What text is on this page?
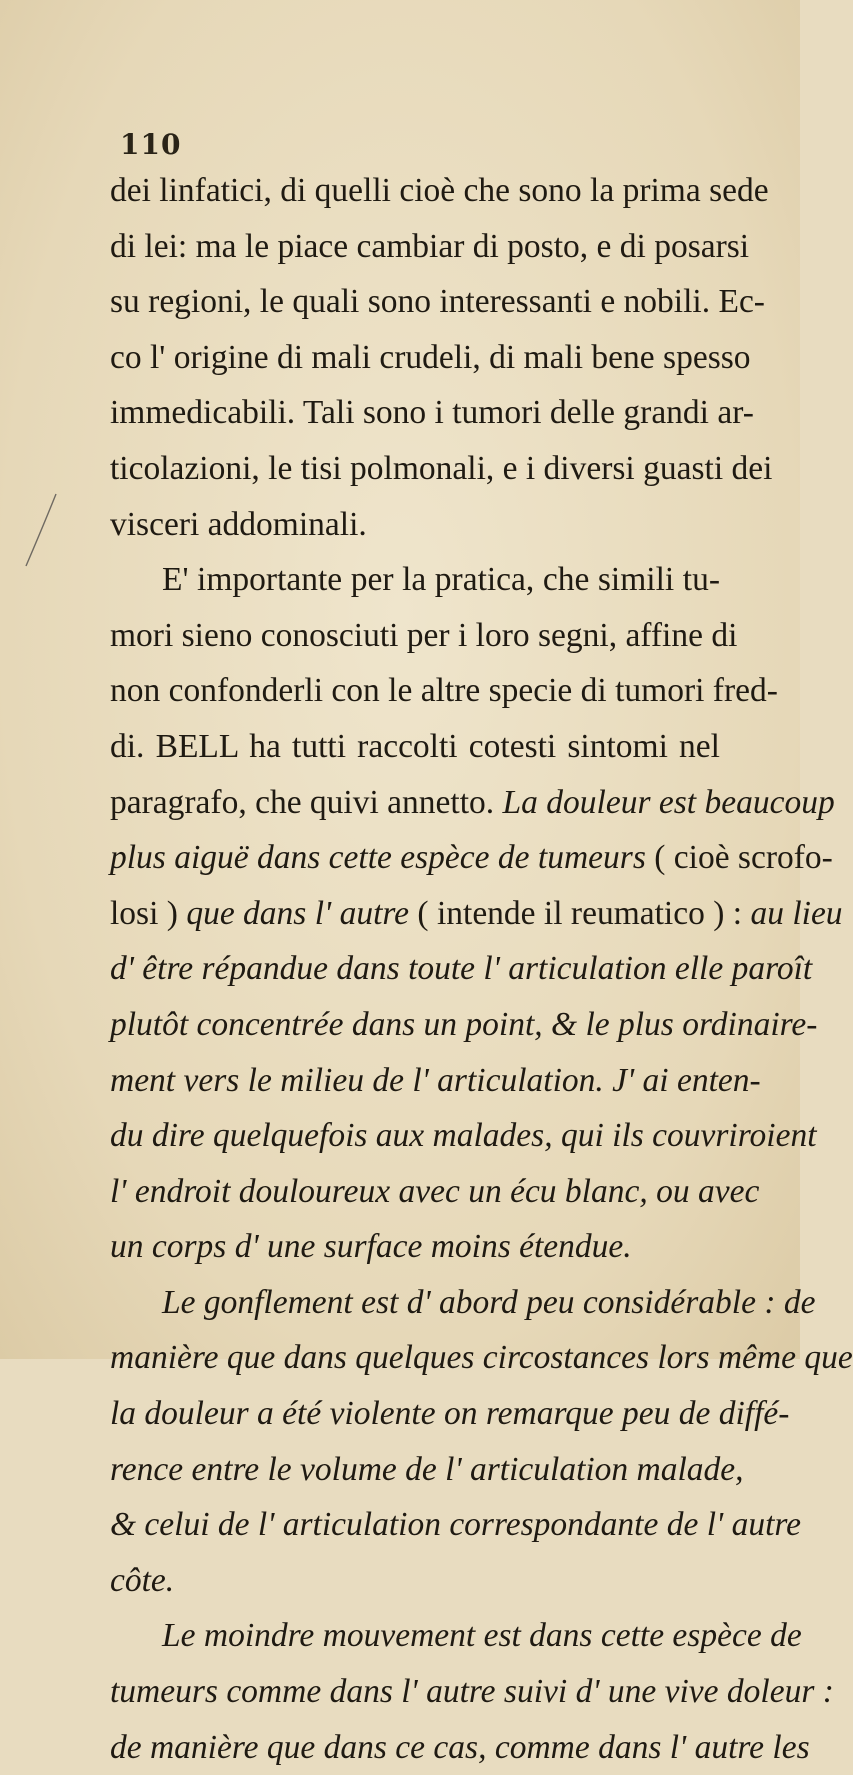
110
dei linfatici, di quelli cioè che sono la prima sede
di lei: ma le piace cambiar di posto, e di posarsi
su regioni, le quali sono interessanti e nobili. Ec-
co l' origine di mali crudeli, di mali bene spesso
immedicabili. Tali sono i tumori delle grandi ar-
ticolazioni, le tisi polmonali, e i diversi guasti dei
visceri addominali.
E' importante per la pratica, che simili tu-
mori sieno conosciuti per i loro segni, affine di
non confonderli con le altre specie di tumori fred-
di. BELL ha tutti raccolti cotesti sintomi nel
paragrafo, che quivi annetto. La douleur est beaucoup
plus aiguë dans cette espèce de tumeurs ( cioè scrofo-
losi ) que dans l' autre ( intende il reumatico ) : au lieu
d' être répandue dans toute l' articulation elle paroît
plutôt concentrée dans un point, & le plus ordinaire-
ment vers le milieu de l' articulation. J' ai enten-
du dire quelquefois aux malades, qui ils couvriroient
l' endroit douloureux avec un écu blanc, ou avec
un corps d' une surface moins étendue.
Le gonflement est d' abord peu considérable : de
manière que dans quelques circostances lors même que
la douleur a été violente on remarque peu de diffé-
rence entre le volume de l' articulation malade,
& celui de l' articulation correspondante de l' autre
côte.
Le moindre mouvement est dans cette espèce de
tumeurs comme dans l' autre suivi d' une vive doleur :
de manière que dans ce cas, comme dans l' autre les
